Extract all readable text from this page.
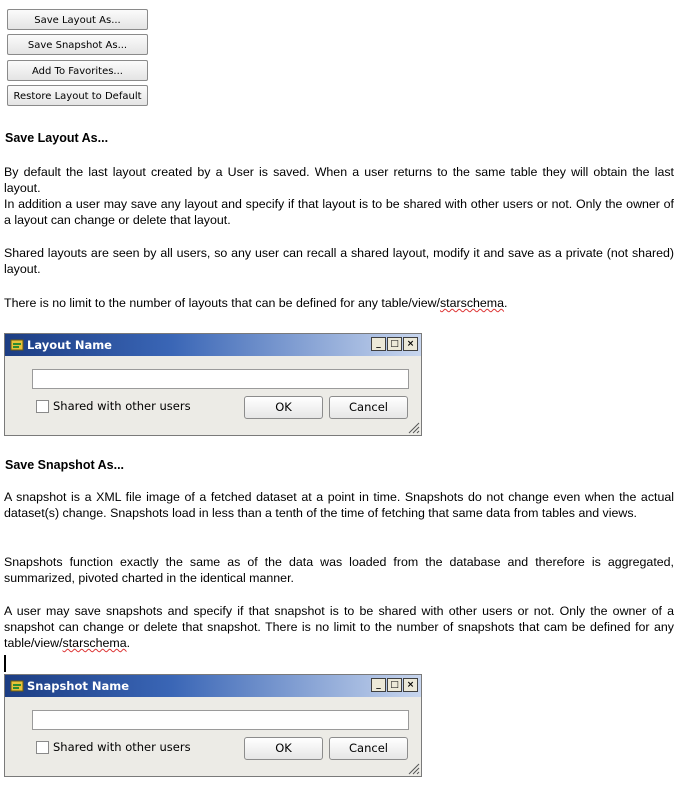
Save Layout As...
Save Snapshot As...
Add To Favorites...
Restore Layout to Default
Save Layout As...

By default the last layout created by a User is saved. When a user returns to the same table they will obtain the last layout.

In addition a user may save any layout and specify if that layout is to be shared with other users or not. Only the owner of a layout can change or delete that layout.

Shared layouts are seen by all users, so any user can recall a shared layout, modify it and save as a private (not shared) layout.

There is no limit to the number of layouts that can be defined for any table/view/starschema.

Layout Name	_	□ ×
Shared with other users	OK	Cancel
Save Snapshot As...

A snapshot is a XML file image of a fetched dataset at a point in time. Snapshots do not change even when the actual dataset(s) change. Snapshots load in less than a tenth of the time of fetching that same data from tables and views.

Snapshots function exactly the same as of the data was loaded from the database and therefore is aggregated, summarized, pivoted charted in the identical manner.

A user may save snapshots and specify if that snapshot is to be shared with other users or not. Only the owner of a snapshot can change or delete that snapshot. There is no limit to the number of snapshots that cam be defined for any table/view/starschema.

Snapshot Name	_	□ ×
Shared with other users	OK	Cancel
